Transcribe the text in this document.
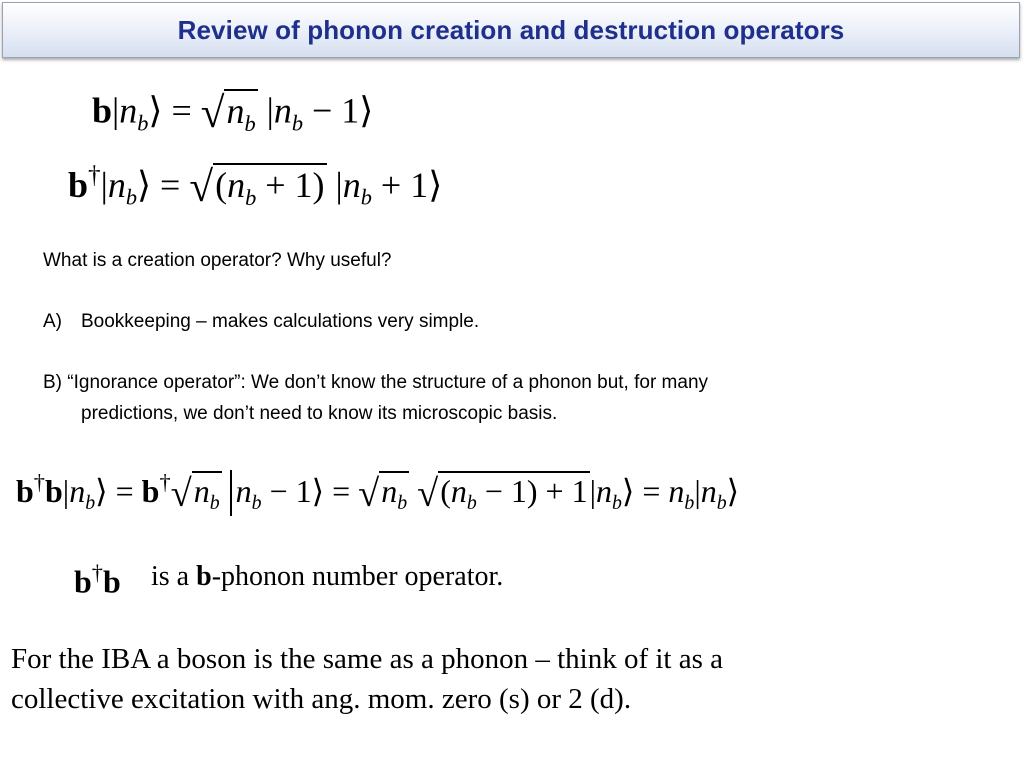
Review of phonon creation and destruction operators
$b|n_b⟩ = √n_b$ $|n_b$ − 1⟩
$b^\dagger|n_b⟩ = √(n_b + 1) |n_b$ + 1⟩
What is a creation operator? Why useful?
A) Bookkeeping – makes calculations very simple.
B) “Ignorance operator”: We don’t know the structure of a phonon but, for many
predictions, we don’t need to know its microscopic basis.
$b^\dagger b|n_b⟩ = b^\dagger√n_b$ $n_b$ − 1⟩ = $√n_b$ $√(n_b - 1)$ + $1|n_b⟩$ = $n_b|n_b⟩$
b†b is a b-phonon number operator.
For the IBA a boson is the same as a phonon – think of it as a
collective excitation with ang. mom. zero (s) or 2 (d).
